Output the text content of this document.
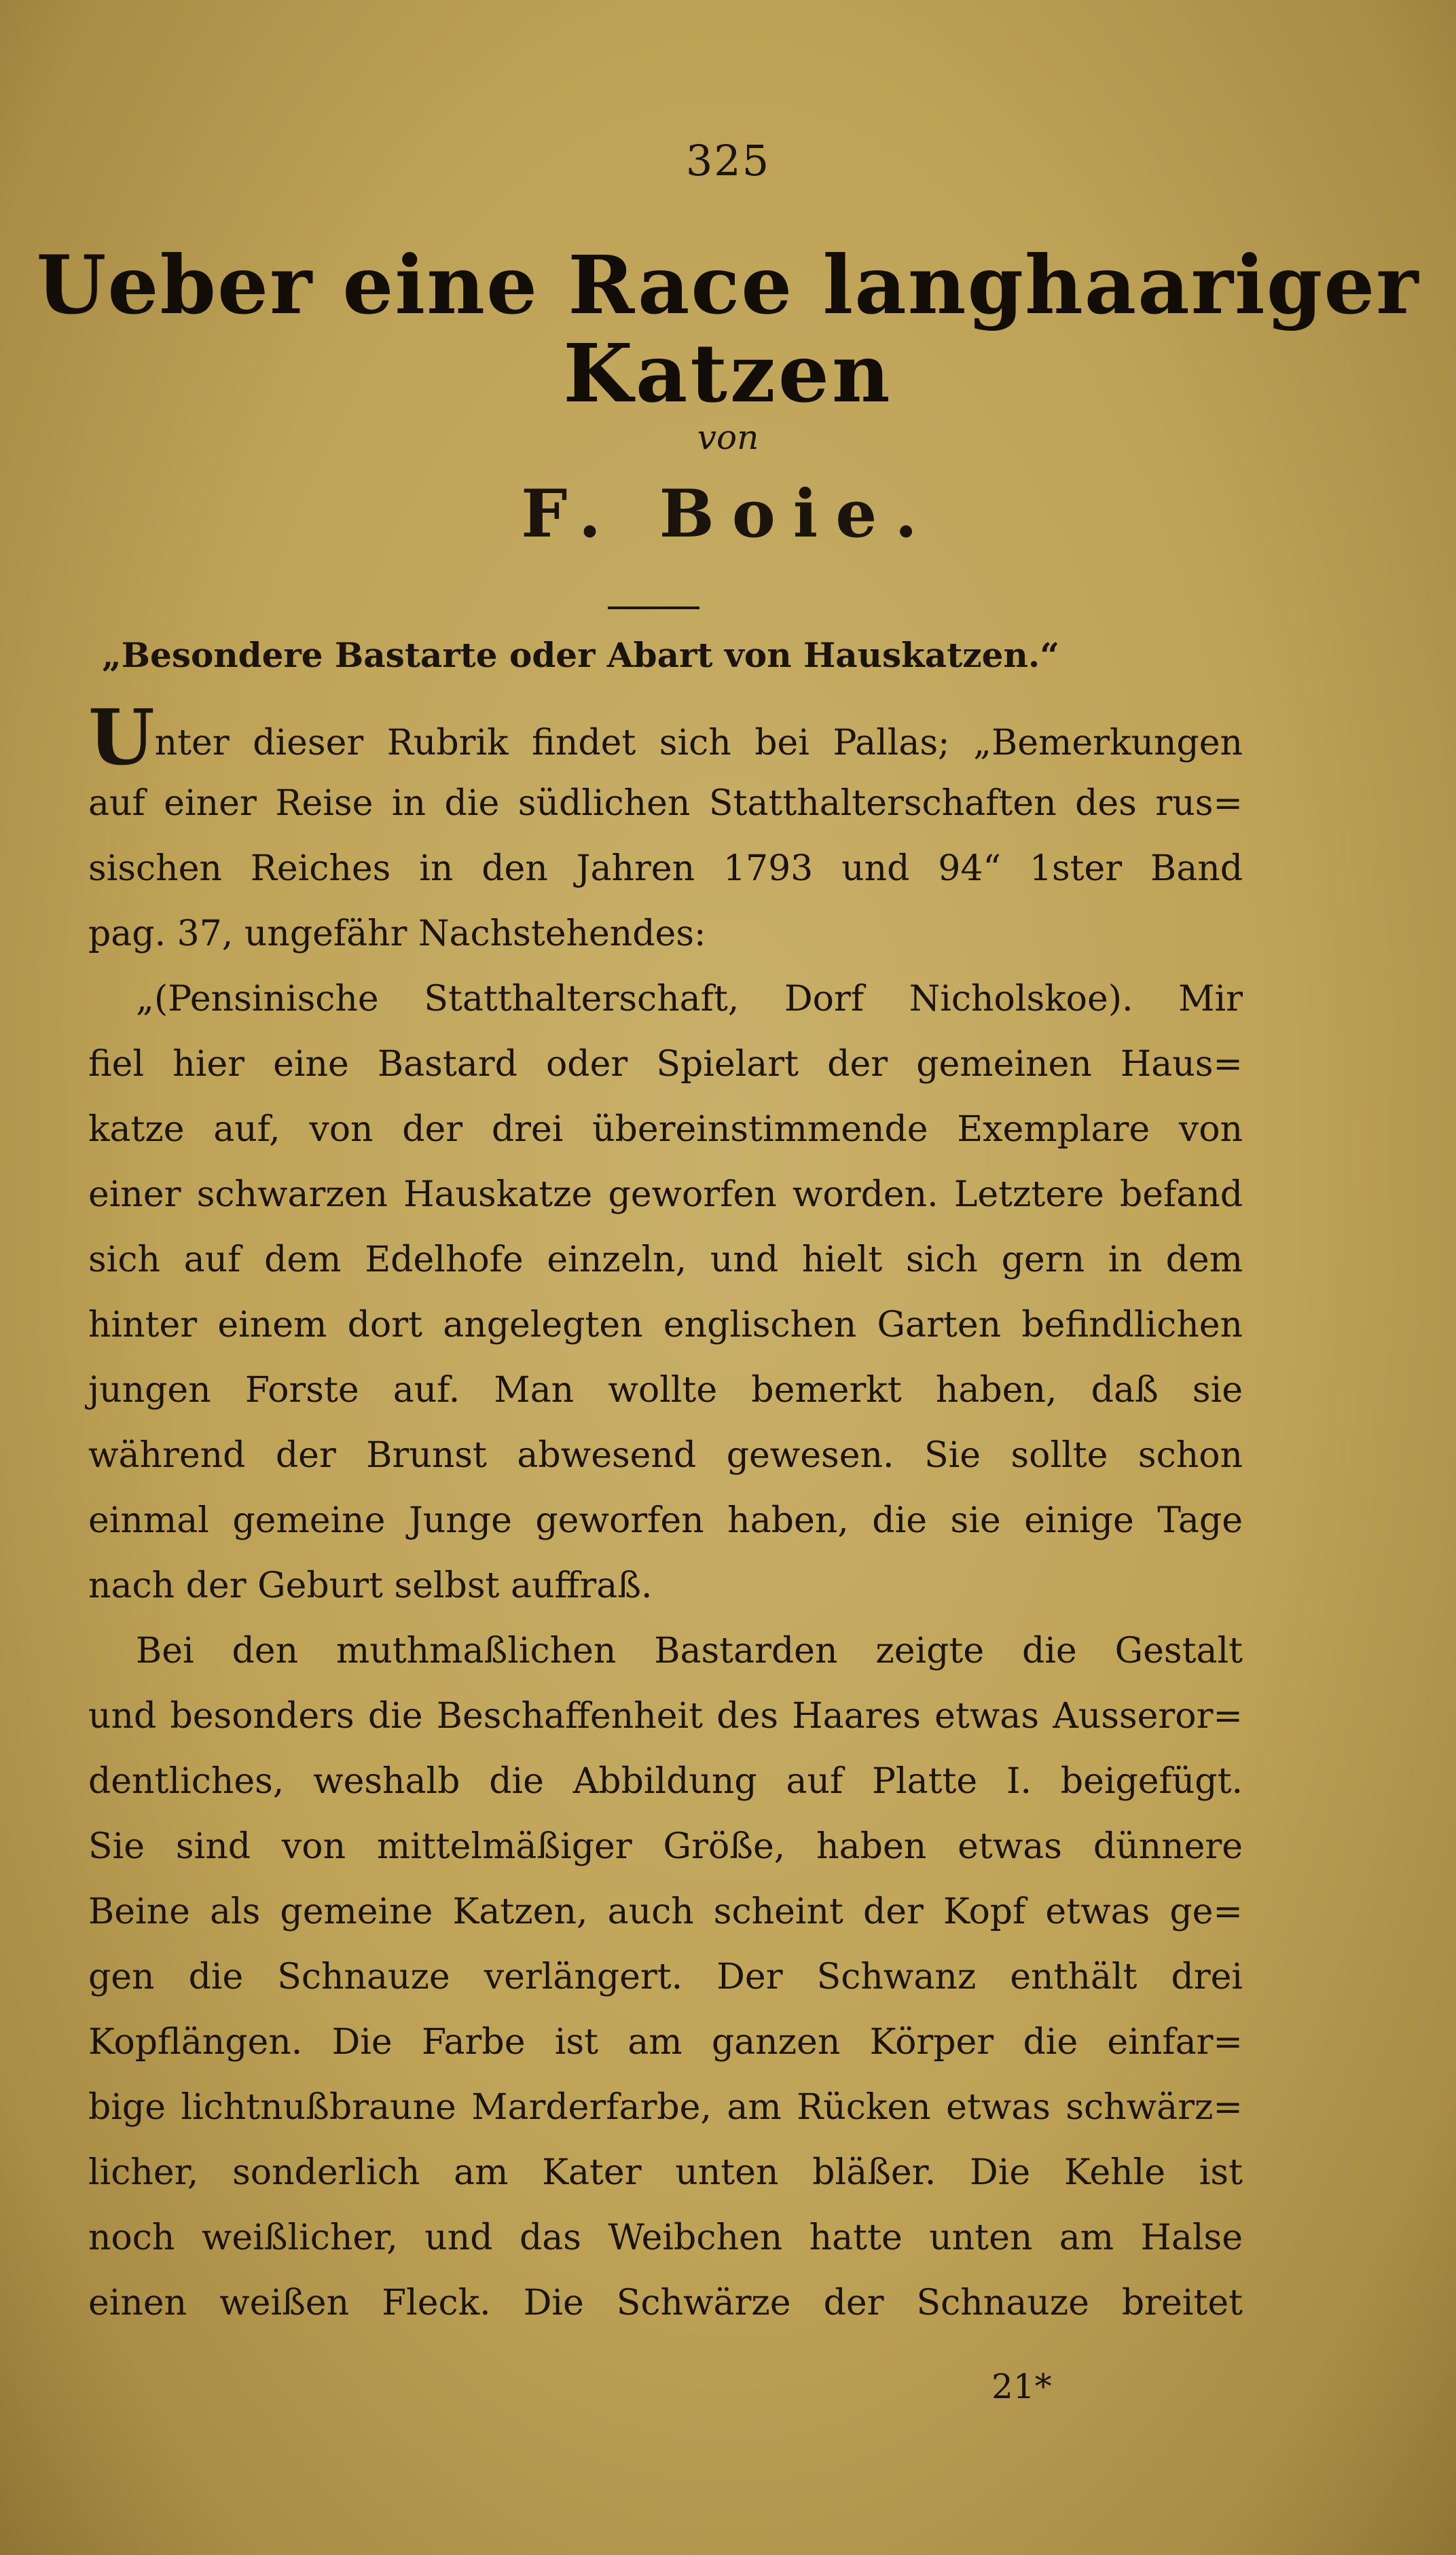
325
Ueber eine Race langhaariger
Katzen
von
F. Boie.
„Besondere Bastarte oder Abart von Hauskatzen.“
Unter dieser Rubrik findet sich bei Pallas; „Bemerkungen
auf einer Reise in die südlichen Statthalterschaften des rus=
sischen Reiches in den Jahren 1793 und 94“ 1ster Band
pag. 37, ungefähr Nachstehendes:
„(Pensinische Statthalterschaft, Dorf Nicholskoe). Mir
fiel hier eine Bastard oder Spielart der gemeinen Haus=
katze auf, von der drei übereinstimmende Exemplare von
einer schwarzen Hauskatze geworfen worden. Letztere befand
sich auf dem Edelhofe einzeln, und hielt sich gern in dem
hinter einem dort angelegten englischen Garten befindlichen
jungen Forste auf. Man wollte bemerkt haben, daß sie
während der Brunst abwesend gewesen. Sie sollte schon
einmal gemeine Junge geworfen haben, die sie einige Tage
nach der Geburt selbst auffraß.
Bei den muthmaßlichen Bastarden zeigte die Gestalt
und besonders die Beschaffenheit des Haares etwas Ausseror=
dentliches, weshalb die Abbildung auf Platte I. beigefügt.
Sie sind von mittelmäßiger Größe, haben etwas dünnere
Beine als gemeine Katzen, auch scheint der Kopf etwas ge=
gen die Schnauze verlängert. Der Schwanz enthält drei
Kopflängen. Die Farbe ist am ganzen Körper die einfar=
bige lichtnußbraune Marderfarbe, am Rücken etwas schwärz=
licher, sonderlich am Kater unten bläßer. Die Kehle ist
noch weißlicher, und das Weibchen hatte unten am Halse
einen weißen Fleck. Die Schwärze der Schnauze breitet
21*
